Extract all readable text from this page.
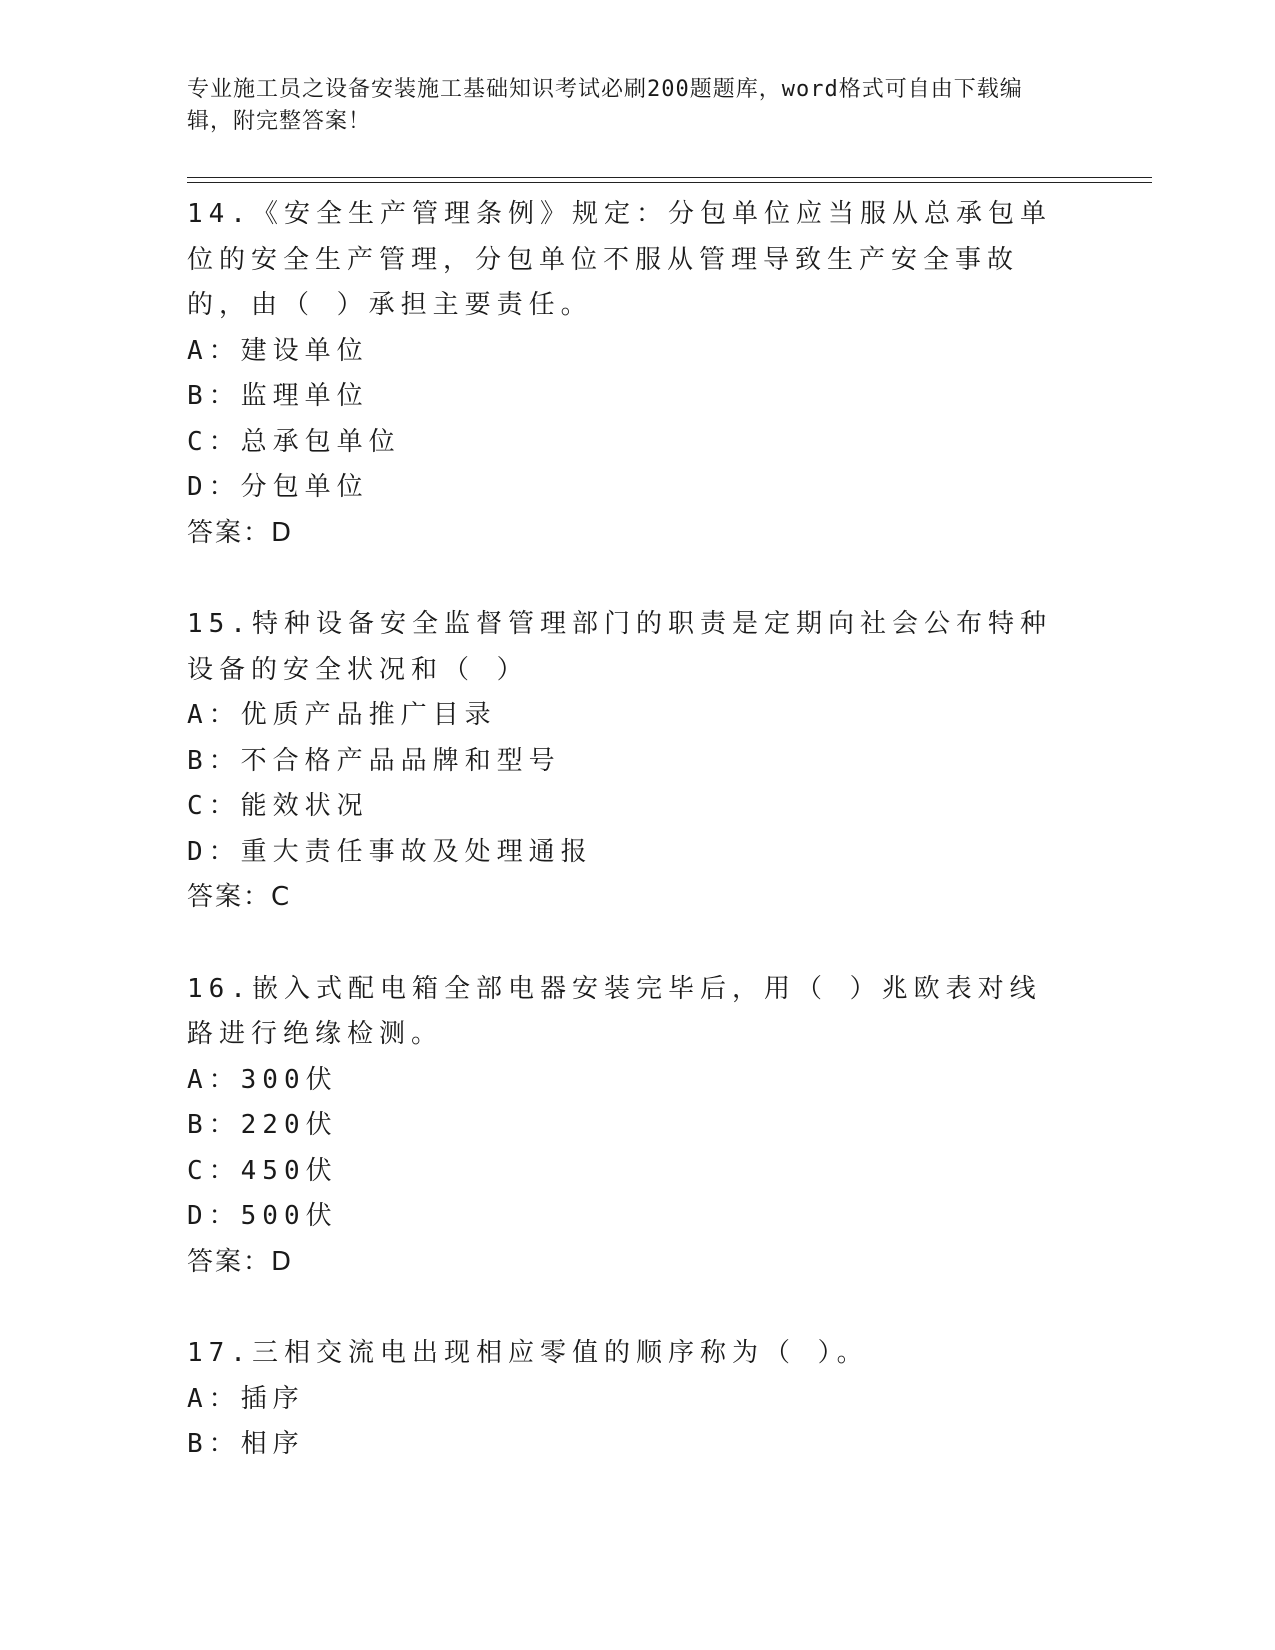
专业施工员之设备安装施工基础知识考试必刷200题题库，word格式可自由下载编辑，附完整答案！
14.《安全生产管理条例》规定：分包单位应当服从总承包单位的安全生产管理，分包单位不服从管理导致生产安全事故的，由（ ）承担主要责任。
A：建设单位
B：监理单位
C：总承包单位
D：分包单位
答案：D
15.特种设备安全监督管理部门的职责是定期向社会公布特种设备的安全状况和（ ）
A：优质产品推广目录
B：不合格产品品牌和型号
C：能效状况
D：重大责任事故及处理通报
答案：C
16.嵌入式配电箱全部电器安装完毕后，用（ ）兆欧表对线路进行绝缘检测。
A：300伏
B：220伏
C：450伏
D：500伏
答案：D
17.三相交流电出现相应零值的顺序称为（ ）。
A：插序
B：相序
